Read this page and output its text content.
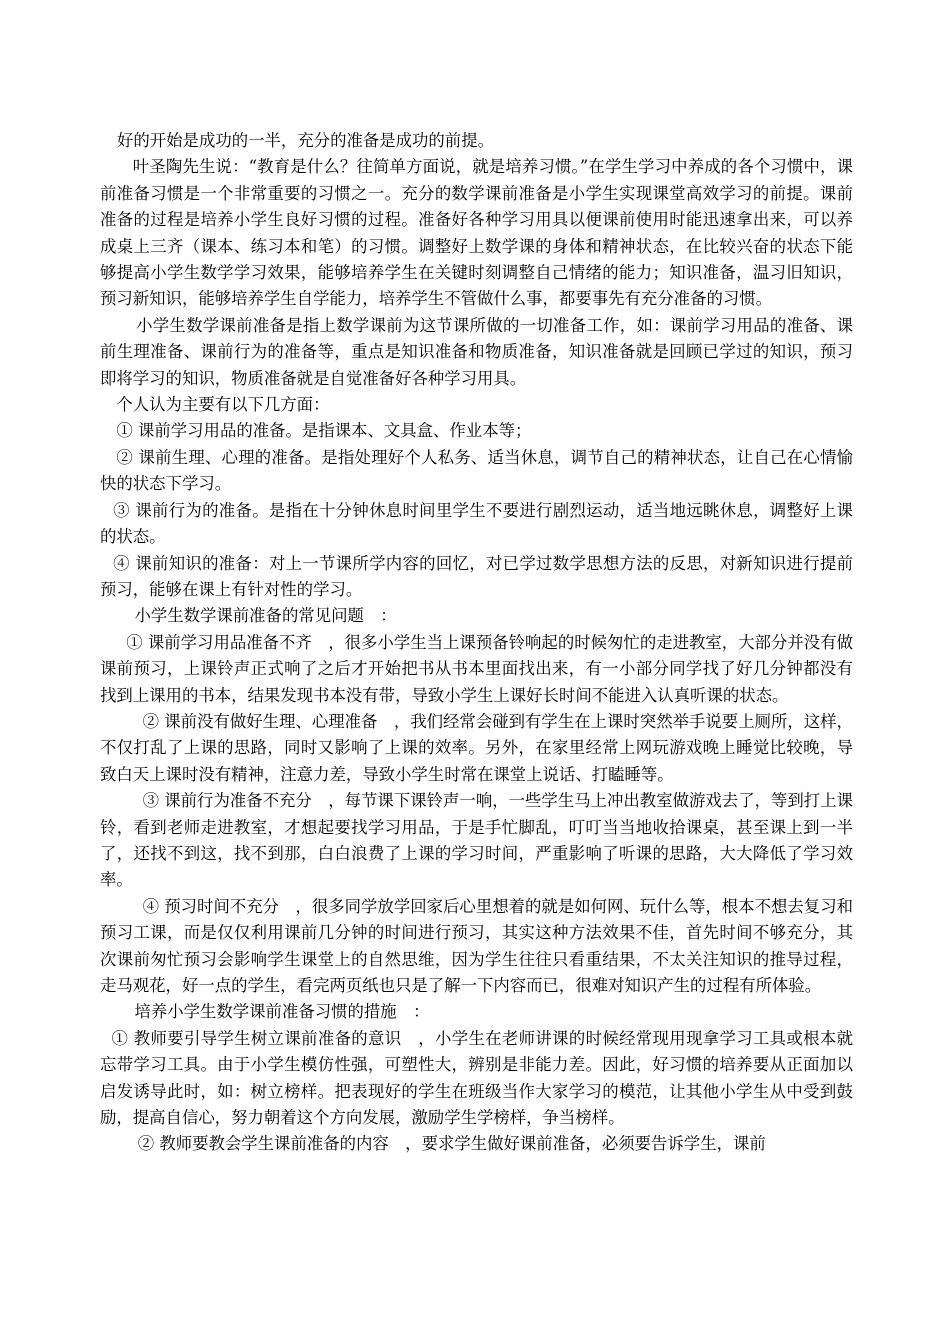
好的开始是成功的一半，充分的准备是成功的前提。

叶圣陶先生说：“教育是什么？往简单方面说，就是培养习惯。”在学生学习中养成的各个习惯中，课前准备习惯是一个非常重要的习惯之一。充分的数学课前准备是小学生实现课堂高效学习的前提。课前准备的过程是培养小学生良好习惯的过程。准备好各种学习用具以便课前使用时能迅速拿出来，可以养成桌上三齐（课本、练习本和笔）的习惯。调整好上数学课的身体和精神状态，在比较兴奋的状态下能够提高小学生数学学习效果，能够培养学生在关键时刻调整自己情绪的能力；知识准备，温习旧知识，预习新知识，能够培养学生自学能力，培养学生不管做什么事，都要事先有充分准备的习惯。

小学生数学课前准备是指上数学课前为这节课所做的一切准备工作，如：课前学习用品的准备、课前生理准备、课前行为的准备等，重点是知识准备和物质准备，知识准备就是回顾已学过的知识，预习即将学习的知识，物质准备就是自觉准备好各种学习用具。

个人认为主要有以下几方面：

① 课前学习用品的准备。是指课本、文具盒、作业本等；

② 课前生理、心理的准备。是指处理好个人私务、适当休息，调节自己的精神状态，让自己在心情愉快的状态下学习。

③ 课前行为的准备。是指在十分钟休息时间里学生不要进行剧烈运动，适当地远眺休息，调整好上课的状态。

④ 课前知识的准备：对上一节课所学内容的回忆，对已学过数学思想方法的反思，对新知识进行提前预习，能够在课上有针对性的学习。

小学生数学课前准备的常见问题　：

① 课前学习用品准备不齐　，很多小学生当上课预备铃响起的时候匆忙的走进教室，大部分并没有做课前预习，上课铃声正式响了之后才开始把书从书本里面找出来，有一小部分同学找了好几分钟都没有找到上课用的书本，结果发现书本没有带，导致小学生上课好长时间不能进入认真听课的状态。

② 课前没有做好生理、心理准备　，我们经常会碰到有学生在上课时突然举手说要上厕所，这样，不仅打乱了上课的思路，同时又影响了上课的效率。另外，在家里经常上网玩游戏晚上睡觉比较晚，导致白天上课时没有精神，注意力差，导致小学生时常在课堂上说话、打瞌睡等。

③ 课前行为准备不充分　，每节课下课铃声一响，一些学生马上冲出教室做游戏去了，等到打上课铃，看到老师走进教室，才想起要找学习用品，于是手忙脚乱，叮叮当当地收拾课桌，甚至课上到一半了，还找不到这，找不到那，白白浪费了上课的学习时间，严重影响了听课的思路，大大降低了学习效率。

④ 预习时间不充分　，很多同学放学回家后心里想着的就是如何网、玩什么等，根本不想去复习和预习工课，而是仅仅利用课前几分钟的时间进行预习，其实这种方法效果不佳，首先时间不够充分，其次课前匆忙预习会影响学生课堂上的自然思维，因为学生往往只看重结果，不太关注知识的推导过程，走马观花，好一点的学生，看完两页纸也只是了解一下内容而已，很难对知识产生的过程有所体验。

培养小学生数学课前准备习惯的措施　：

① 教师要引导学生树立课前准备的意识　，小学生在老师讲课的时候经常现用现拿学习工具或根本就忘带学习工具。由于小学生模仿性强，可塑性大，辨别是非能力差。因此，好习惯的培养要从正面加以启发诱导此时，如：树立榜样。把表现好的学生在班级当作大家学习的模范，让其他小学生从中受到鼓励，提高自信心，努力朝着这个方向发展，激励学生学榜样，争当榜样。

② 教师要教会学生课前准备的内容　，要求学生做好课前准备，必须要告诉学生，课前
